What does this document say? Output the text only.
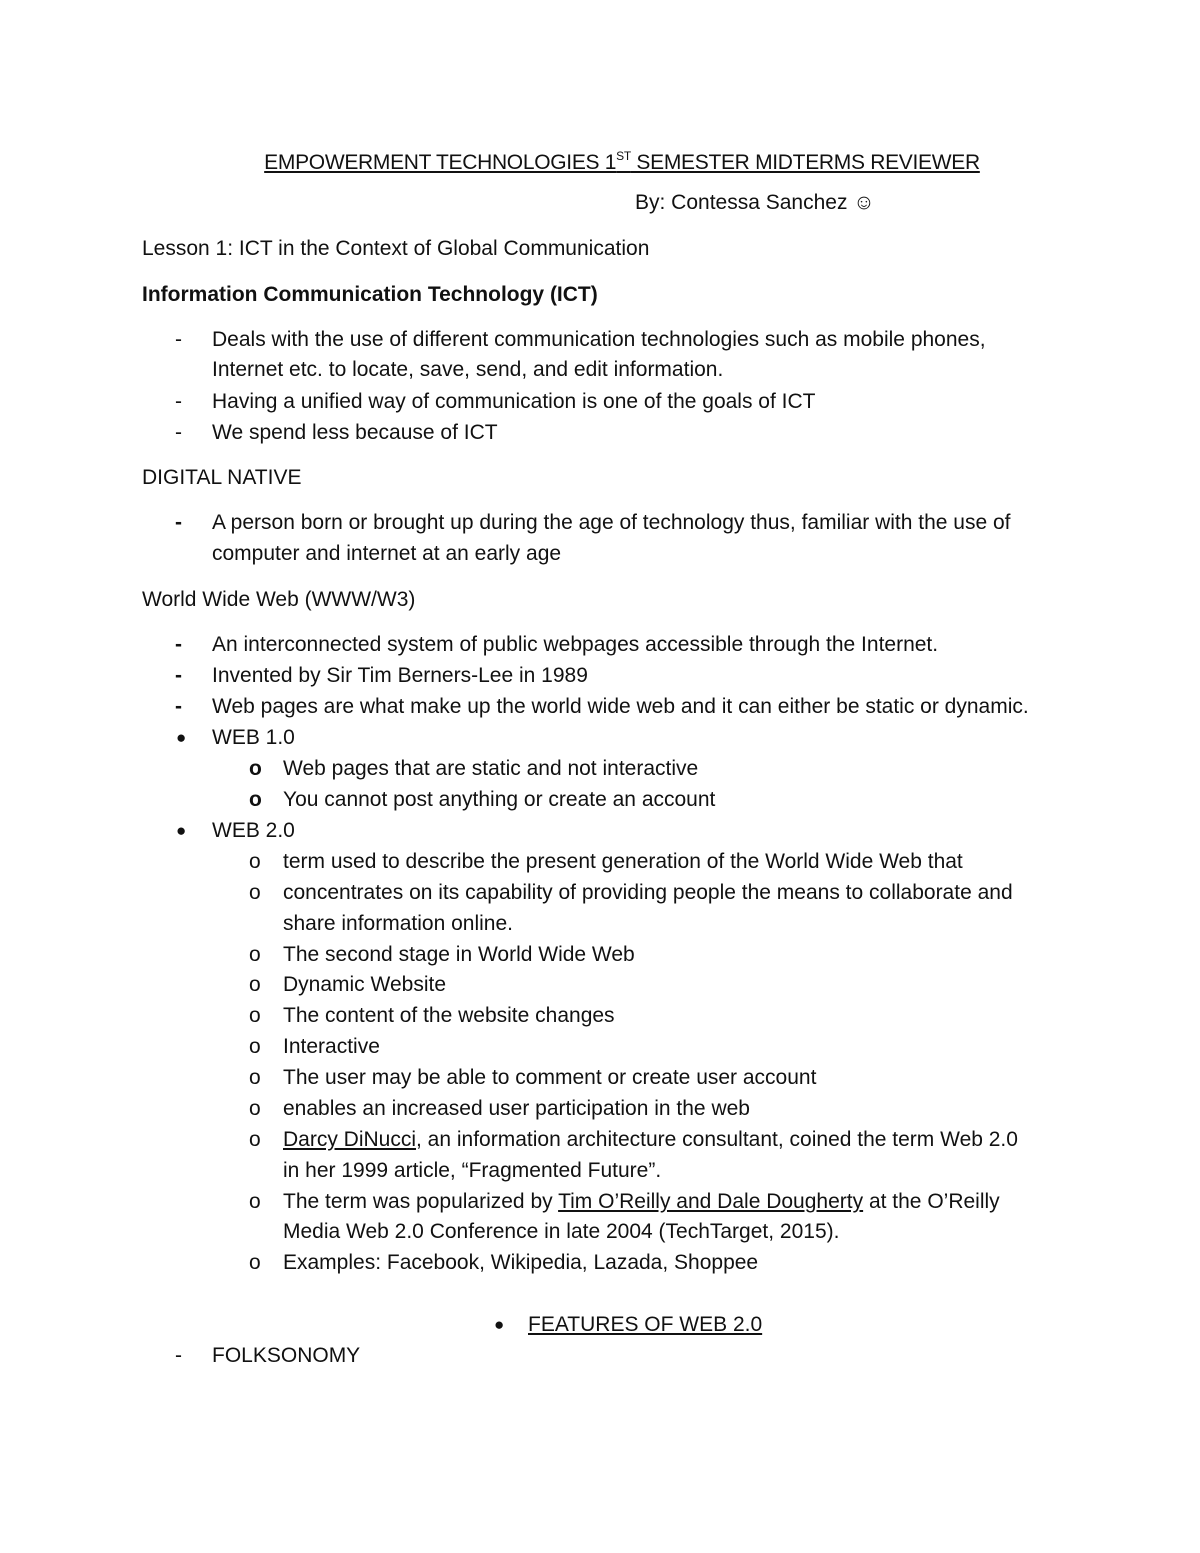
EMPOWERMENT TECHNOLOGIES 1ST SEMESTER MIDTERMS REVIEWER
By: Contessa Sanchez ☺
Lesson 1: ICT in the Context of Global Communication
Information Communication Technology (ICT)
- Deals with the use of different communication technologies such as mobile phones,
Internet etc. to locate, save, send, and edit information.
- Having a unified way of communication is one of the goals of ICT
- We spend less because of ICT
DIGITAL NATIVE
- A person born or brought up during the age of technology thus, familiar with the use of
computer and internet at an early age
World Wide Web (WWW/W3)
- An interconnected system of public webpages accessible through the Internet.
- Invented by Sir Tim Berners-Lee in 1989
- Web pages are what make up the world wide web and it can either be static or dynamic.
● WEB 1.0
o Web pages that are static and not interactive
o You cannot post anything or create an account
● WEB 2.0
o term used to describe the present generation of the World Wide Web that
o concentrates on its capability of providing people the means to collaborate and
share information online.
o The second stage in World Wide Web
o Dynamic Website
o The content of the website changes
o Interactive
o The user may be able to comment or create user account
o enables an increased user participation in the web
o Darcy DiNucci, an information architecture consultant, coined the term Web 2.0
in her 1999 article, “Fragmented Future”.
o The term was popularized by Tim O’Reilly and Dale Dougherty at the O’Reilly
Media Web 2.0 Conference in late 2004 (TechTarget, 2015).
o Examples: Facebook, Wikipedia, Lazada, Shoppee
● FEATURES OF WEB 2.0
- FOLKSONOMY
